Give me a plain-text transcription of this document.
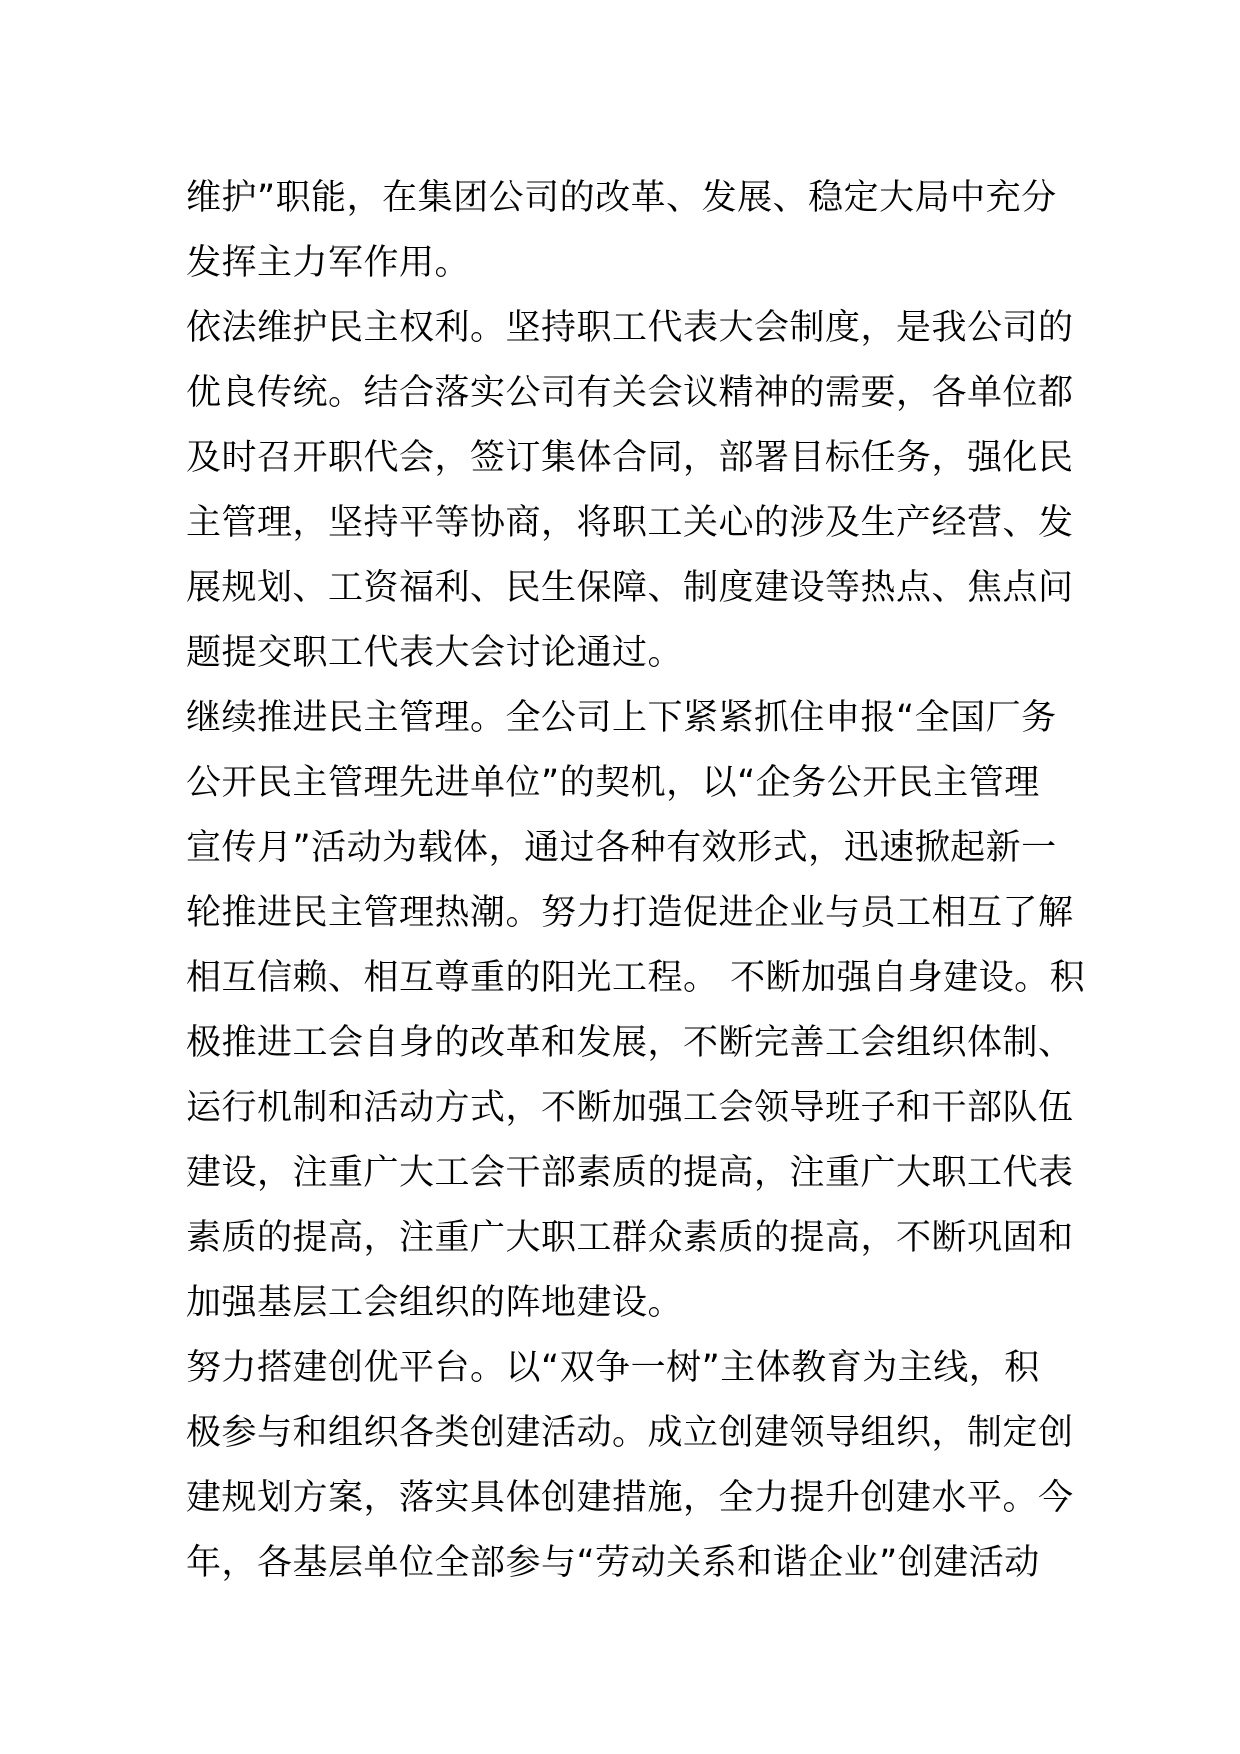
维护”职能，在集团公司的改革、发展、稳定大局中充分
发挥主力军作用。
依法维护民主权利。坚持职工代表大会制度，是我公司的
优良传统。结合落实公司有关会议精神的需要，各单位都
及时召开职代会，签订集体合同，部署目标任务，强化民
主管理，坚持平等协商，将职工关心的涉及生产经营、发
展规划、工资福利、民生保障、制度建设等热点、焦点问
题提交职工代表大会讨论通过。
继续推进民主管理。全公司上下紧紧抓住申报“全国厂务
公开民主管理先进单位”的契机，以“企务公开民主管理
宣传月”活动为载体，通过各种有效形式，迅速掀起新一
轮推进民主管理热潮。努力打造促进企业与员工相互了解
相互信赖、相互尊重的阳光工程。 不断加强自身建设。积
极推进工会自身的改革和发展，不断完善工会组织体制、
运行机制和活动方式，不断加强工会领导班子和干部队伍
建设，注重广大工会干部素质的提高，注重广大职工代表
素质的提高，注重广大职工群众素质的提高，不断巩固和
加强基层工会组织的阵地建设。
努力搭建创优平台。以“双争一树”主体教育为主线，积
极参与和组织各类创建活动。成立创建领导组织，制定创
建规划方案，落实具体创建措施，全力提升创建水平。今
年，各基层单位全部参与“劳动关系和谐企业”创建活动
